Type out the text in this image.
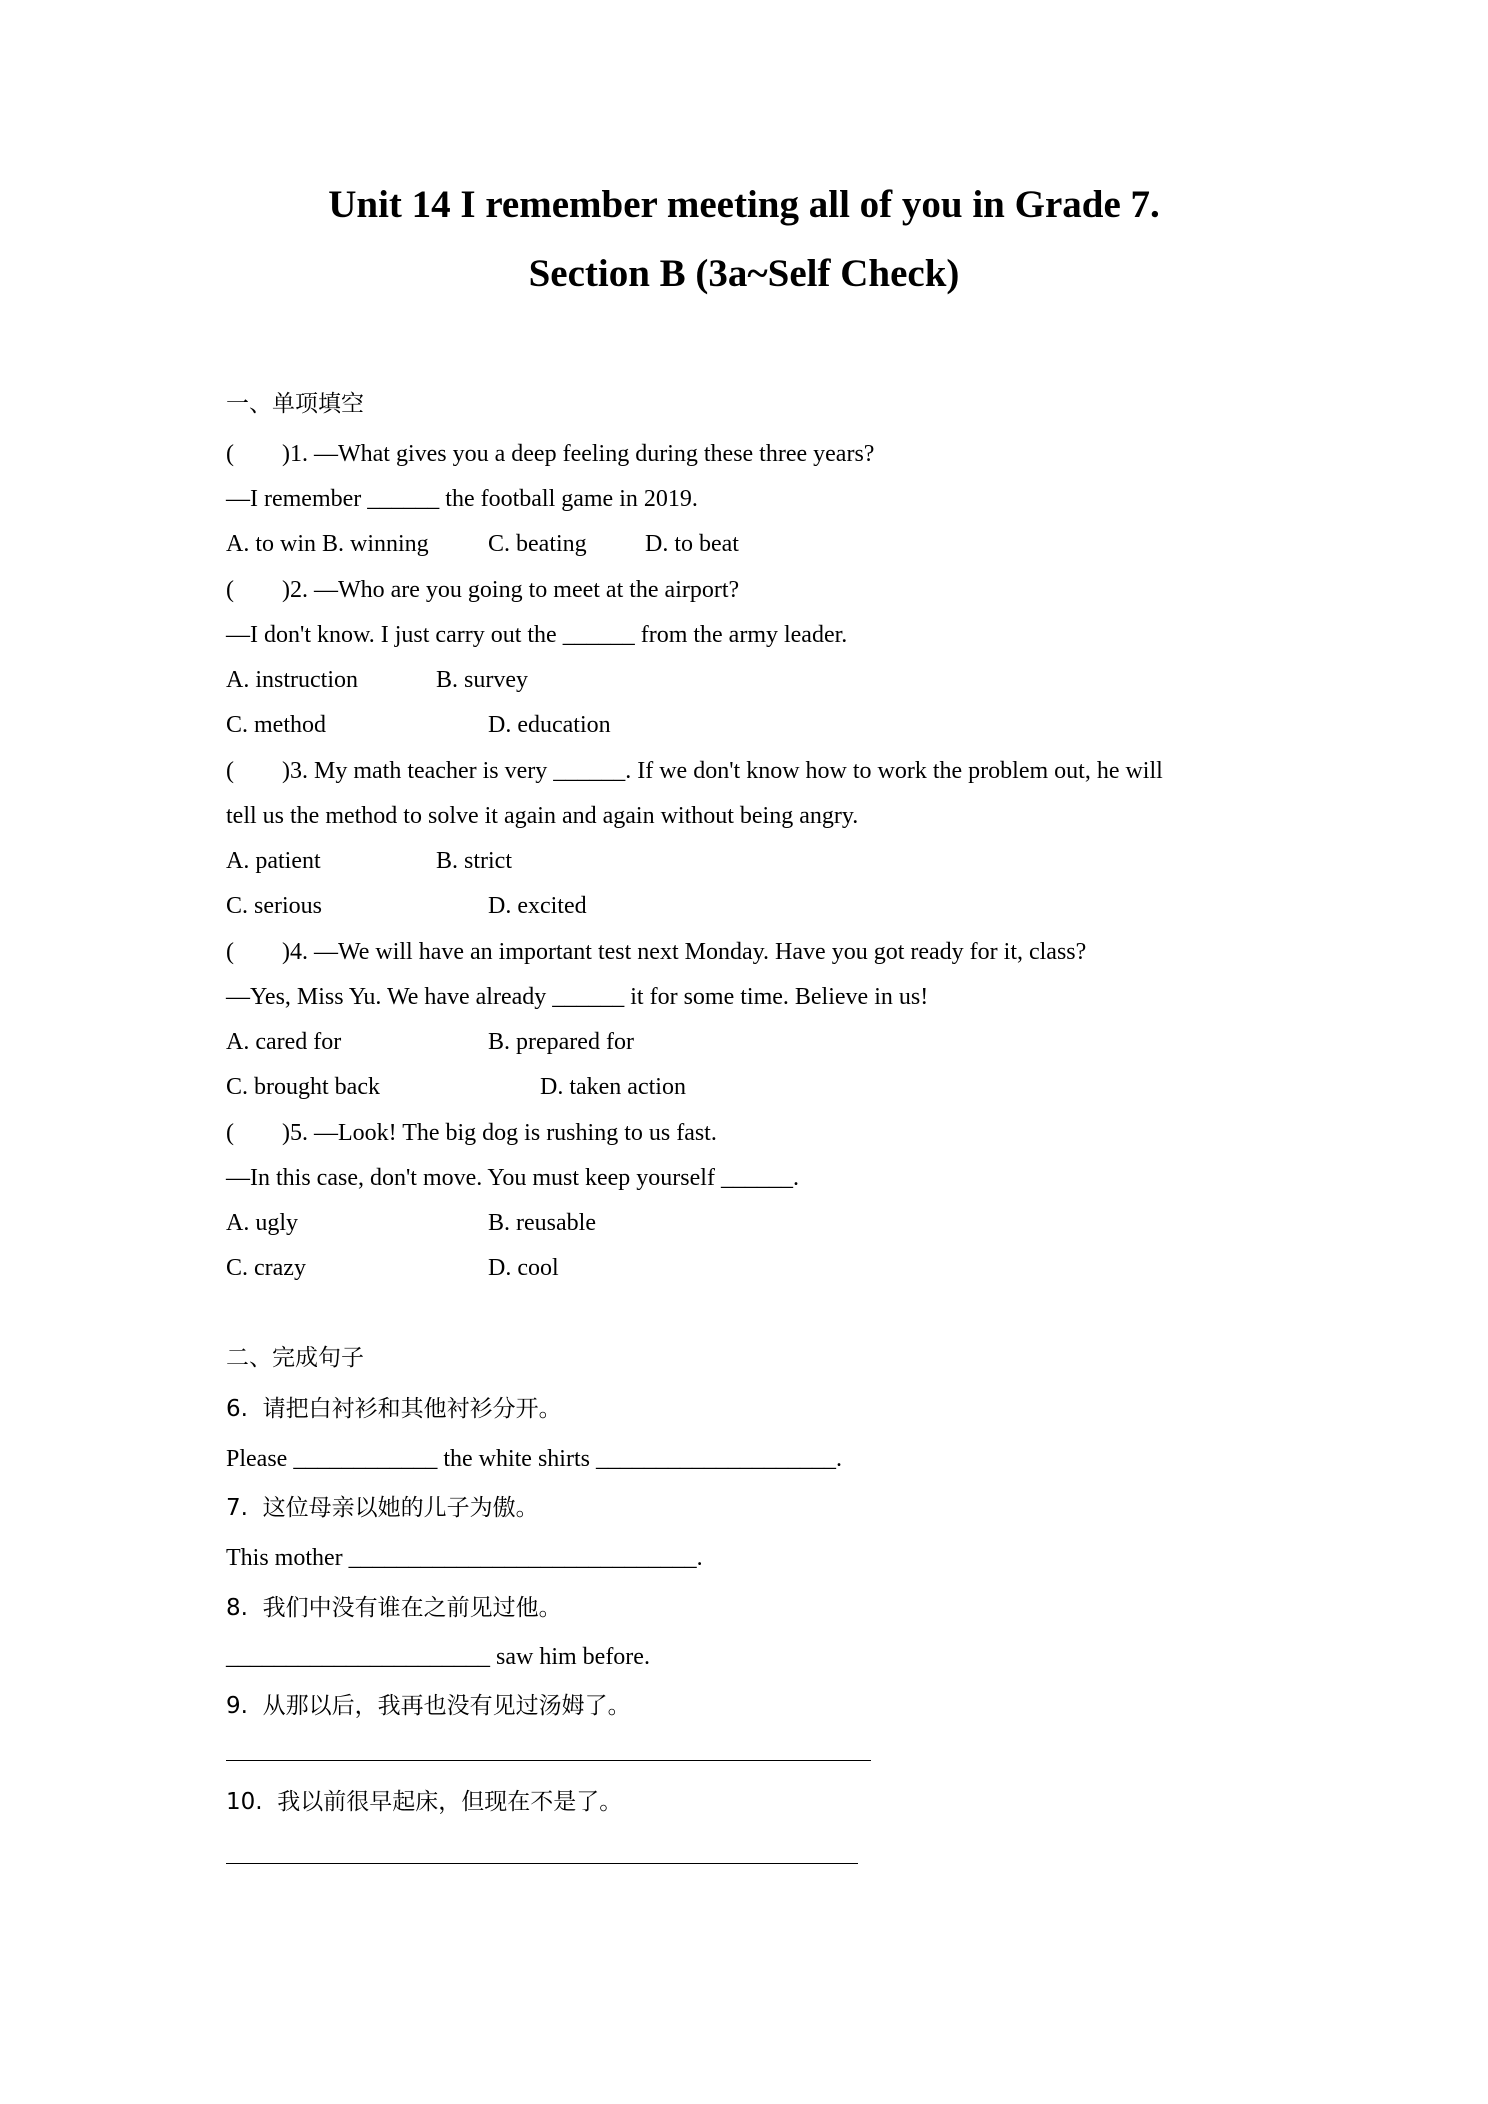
Unit 14 I remember meeting all of you in Grade 7.
Section B (3a~Self Check)

一、单项填空

(        )1. —What gives you a deep feeling during these three years?

—I remember ______ the football game in 2019.

A. to win B. winning C. beating D. to beat

(        )2. —Who are you going to meet at the airport?

—I don't know. I just carry out the ______ from the army leader.

A. instruction	B. survey

C. method	D. education

(        )3. My math teacher is very ______. If we don't know how to work the problem out, he will

tell us the method to solve it again and again without being angry.

A. patient	B. strict

C. serious	D. excited

(        )4. —We will have an important test next Monday. Have you got ready for it, class?

—Yes, Miss Yu. We have already ______ it for some time. Believe in us!

A. cared for	B. prepared for

C. brought back	D. taken action

(        )5. —Look! The big dog is rushing to us fast.

—In this case, don't move. You must keep yourself ______.

A. ugly	B. reusable

C. crazy	D. cool

二、完成句子

6.  请把白衬衫和其他衬衫分开。

Please ____________ the white shirts ____________________.

7.  这位母亲以她的儿子为傲。

This mother _____________________________.

8.  我们中没有谁在之前见过他。

______________________ saw him before.

9.  从那以后，我再也没有见过汤姆了。

10.  我以前很早起床，但现在不是了。
